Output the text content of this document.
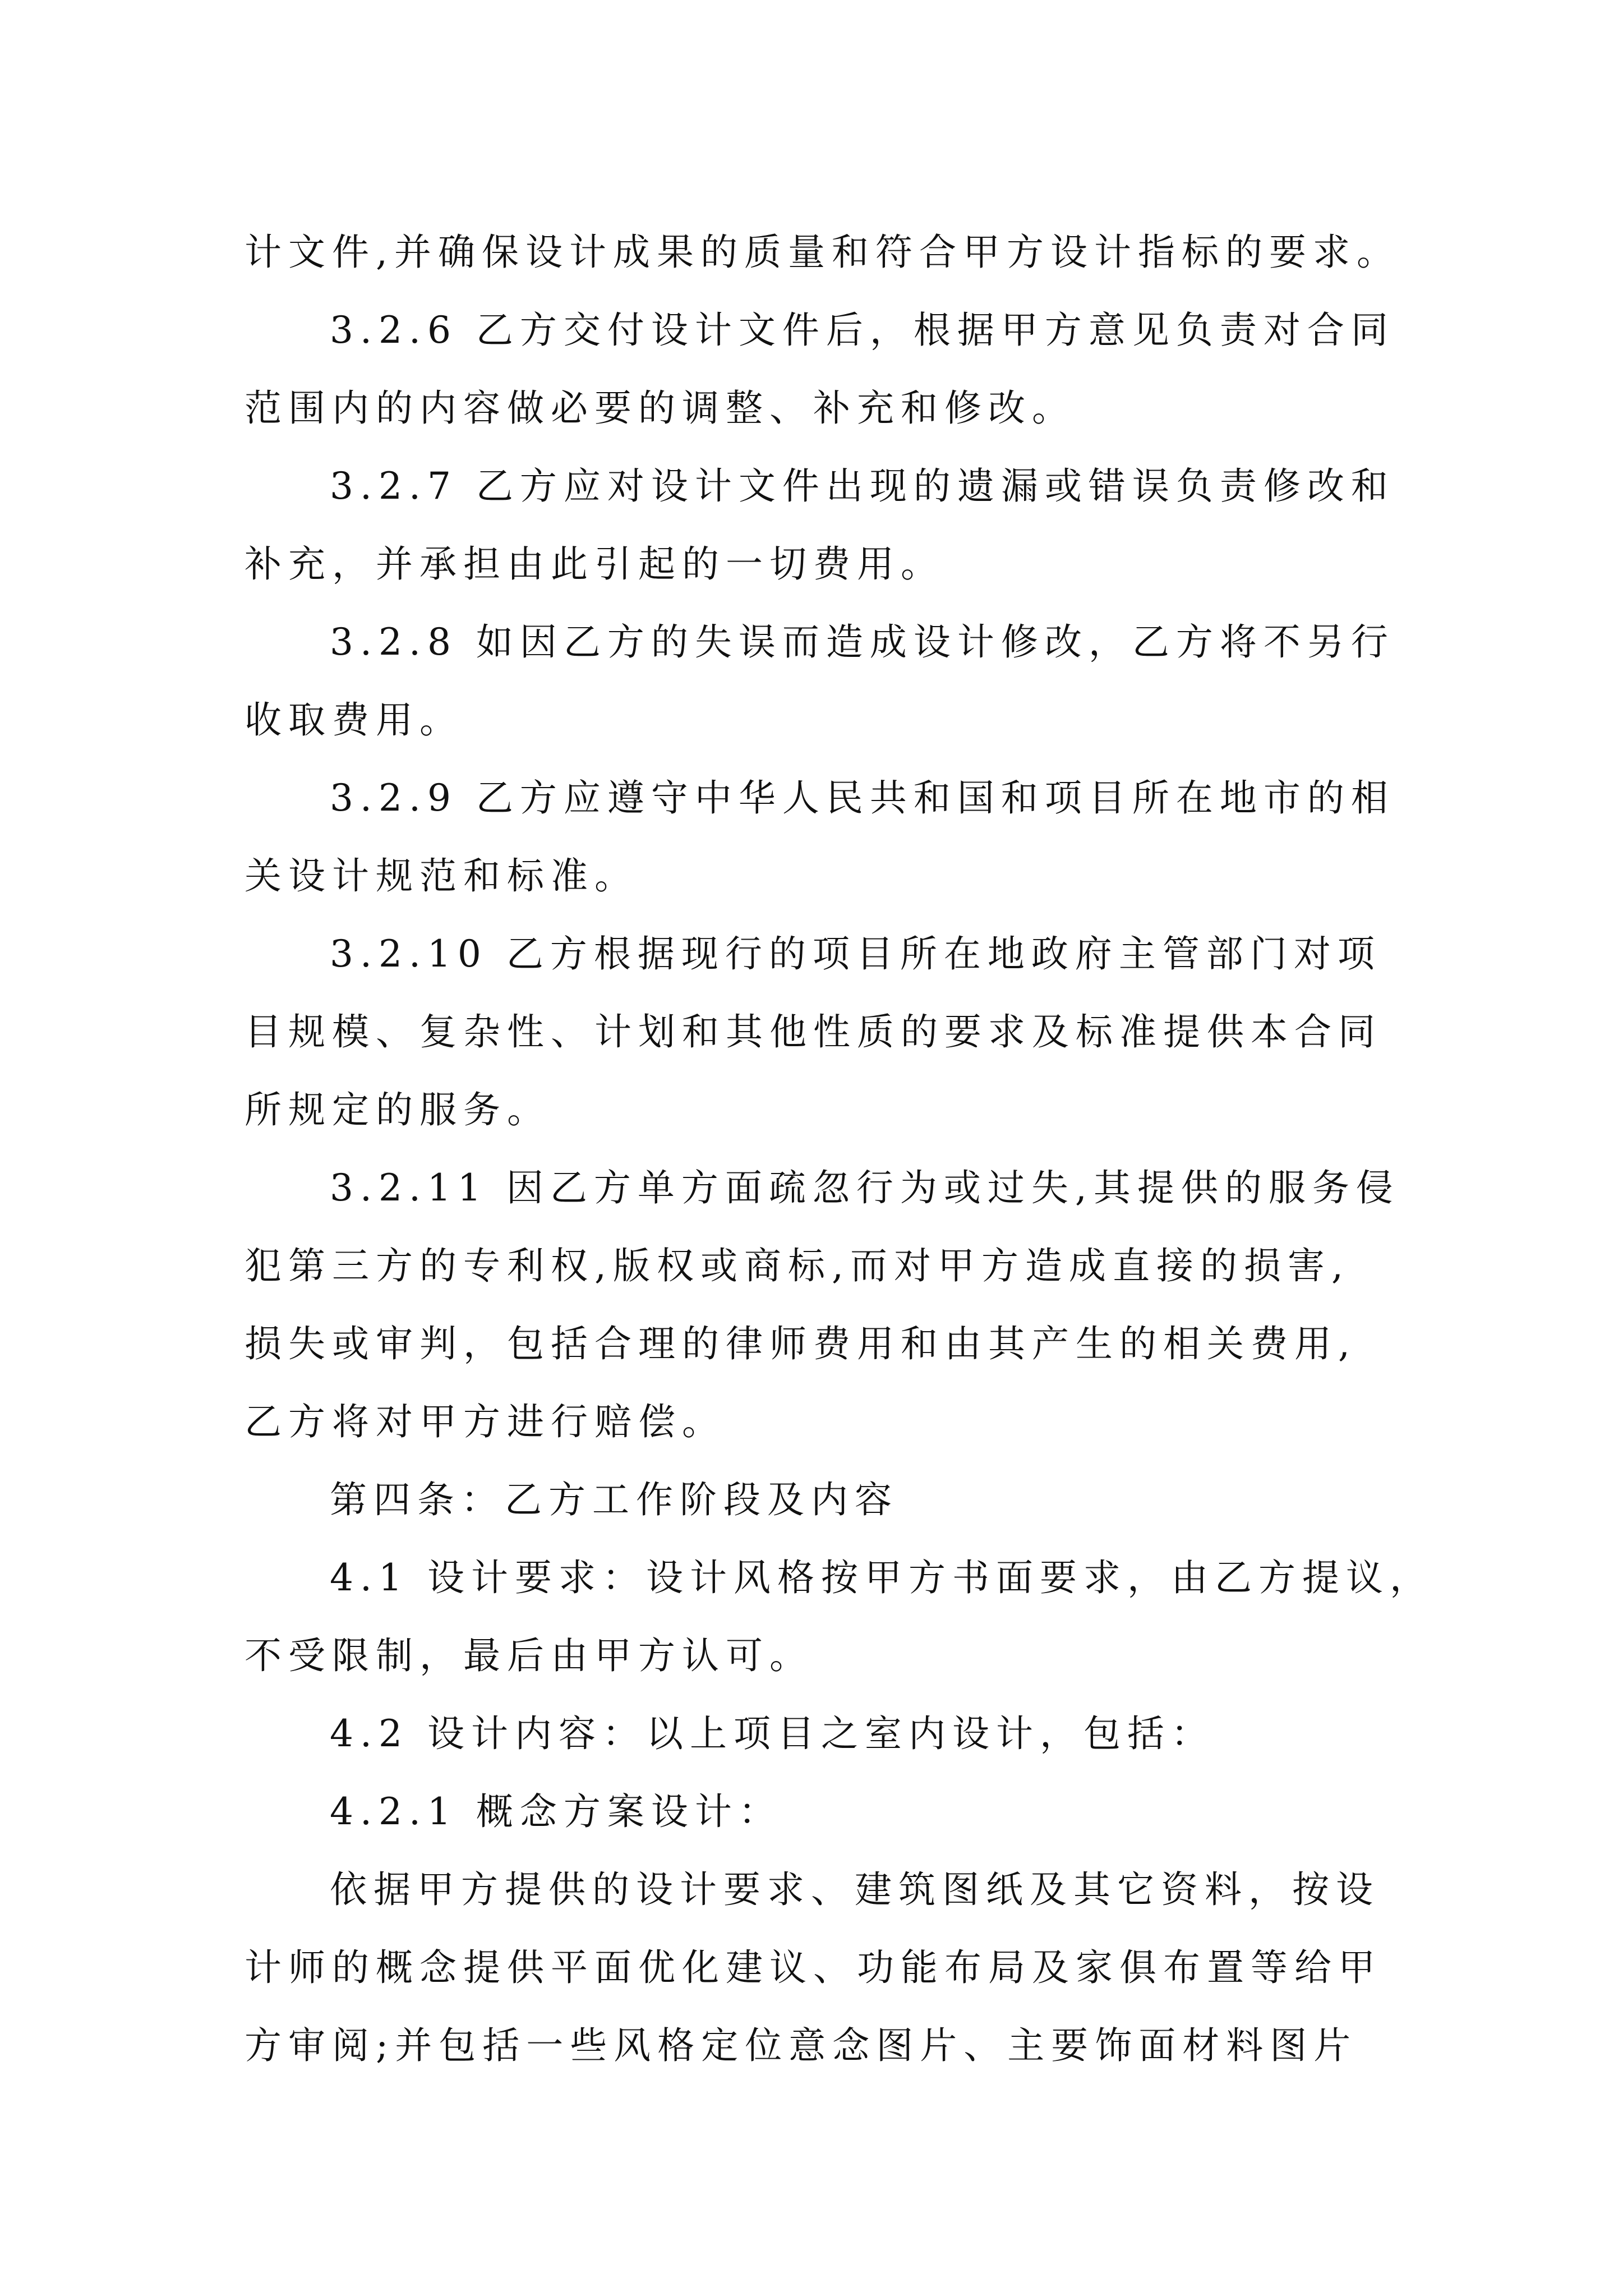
计文件,并确保设计成果的质量和符合甲方设计指标的要求。
3.2.6 乙方交付设计文件后，根据甲方意见负责对合同
范围内的内容做必要的调整、补充和修改。
3.2.7 乙方应对设计文件出现的遗漏或错误负责修改和
补充，并承担由此引起的一切费用。
3.2.8 如因乙方的失误而造成设计修改，乙方将不另行
收取费用。
3.2.9 乙方应遵守中华人民共和国和项目所在地市的相
关设计规范和标准。
3.2.10 乙方根据现行的项目所在地政府主管部门对项
目规模、复杂性、计划和其他性质的要求及标准提供本合同
所规定的服务。
3.2.11 因乙方单方面疏忽行为或过失,其提供的服务侵
犯第三方的专利权,版权或商标,而对甲方造成直接的损害,
损失或审判，包括合理的律师费用和由其产生的相关费用,
乙方将对甲方进行赔偿。
第四条：乙方工作阶段及内容
4.1 设计要求：设计风格按甲方书面要求，由乙方提议，
不受限制，最后由甲方认可。
4.2 设计内容：以上项目之室内设计，包括：
4.2.1 概念方案设计：
依据甲方提供的设计要求、建筑图纸及其它资料，按设
计师的概念提供平面优化建议、功能布局及家俱布置等给甲
方审阅;并包括一些风格定位意念图片、主要饰面材料图片
